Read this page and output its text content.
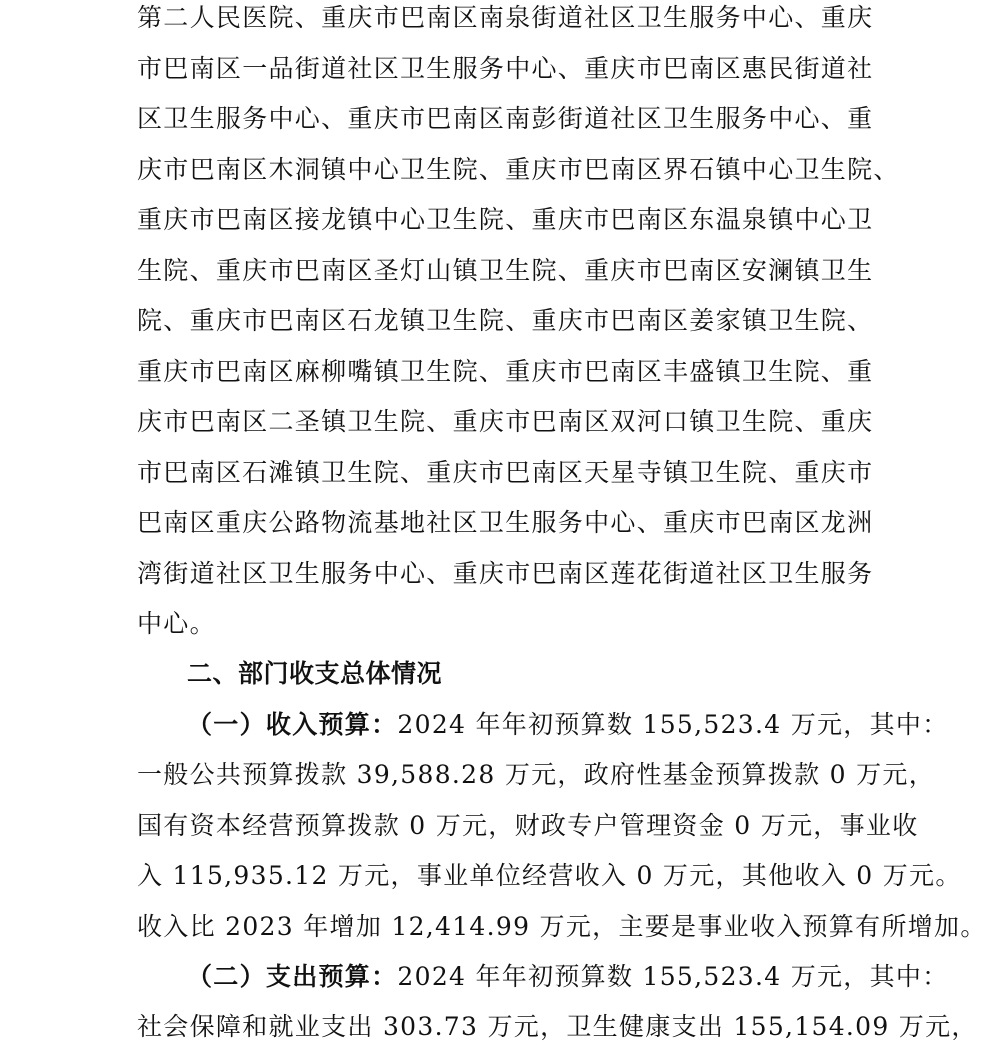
第二人民医院、重庆市巴南区南泉街道社区卫生服务中心、重庆
市巴南区一品街道社区卫生服务中心、重庆市巴南区惠民街道社
区卫生服务中心、重庆市巴南区南彭街道社区卫生服务中心、重
庆市巴南区木洞镇中心卫生院、重庆市巴南区界石镇中心卫生院、
重庆市巴南区接龙镇中心卫生院、重庆市巴南区东温泉镇中心卫
生院、重庆市巴南区圣灯山镇卫生院、重庆市巴南区安澜镇卫生
院、重庆市巴南区石龙镇卫生院、重庆市巴南区姜家镇卫生院、
重庆市巴南区麻柳嘴镇卫生院、重庆市巴南区丰盛镇卫生院、重
庆市巴南区二圣镇卫生院、重庆市巴南区双河口镇卫生院、重庆
市巴南区石滩镇卫生院、重庆市巴南区天星寺镇卫生院、重庆市
巴南区重庆公路物流基地社区卫生服务中心、重庆市巴南区龙洲
湾街道社区卫生服务中心、重庆市巴南区莲花街道社区卫生服务
中心。
二、部门收支总体情况
（一）收入预算：2024 年年初预算数 155,523.4 万元，其中：
一般公共预算拨款 39,588.28 万元，政府性基金预算拨款 0 万元，
国有资本经营预算拨款 0 万元，财政专户管理资金 0 万元，事业收
入 115,935.12 万元，事业单位经营收入 0 万元，其他收入 0 万元。
收入比 2023 年增加 12,414.99 万元，主要是事业收入预算有所增加。
（二）支出预算：2024 年年初预算数 155,523.4 万元，其中：
社会保障和就业支出 303.73 万元，卫生健康支出 155,154.09 万元，
